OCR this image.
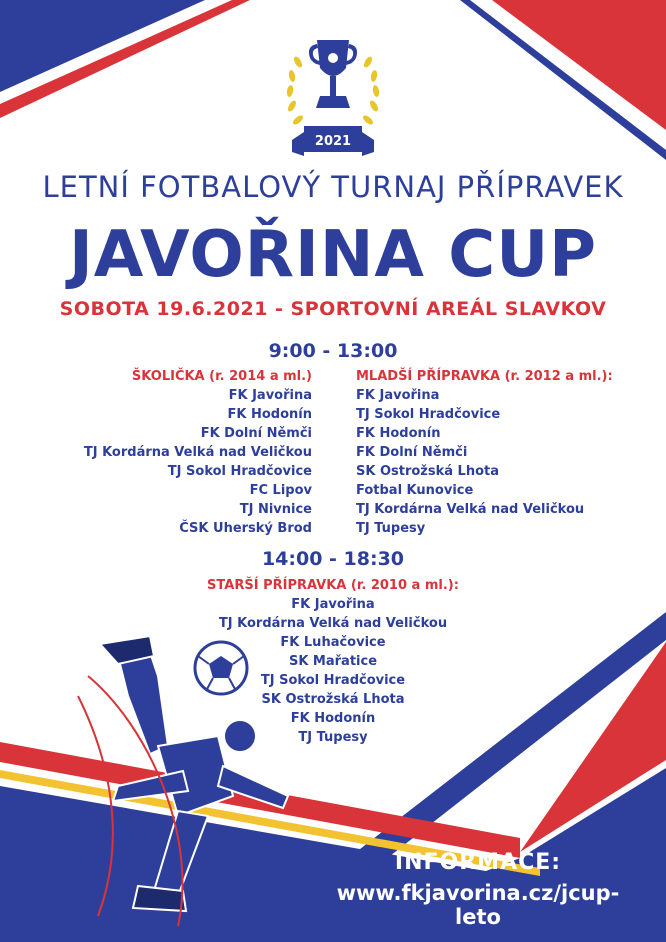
2021
LETNÍ FOTBALOVÝ TURNAJ PŘÍPRAVEK
JAVOŘINA CUP
SOBOTA 19.6.2021 - SPORTOVNÍ AREÁL SLAVKOV
9:00 - 13:00
ŠKOLIČKA (r. 2014 a ml.)
FK Javořina
FK Hodonín
FK Dolní Němči
TJ Kordárna Velká nad Veličkou
TJ Sokol Hradčovice
FC Lipov
TJ Nivnice
ČSK Uherský Brod
MLADŠÍ PŘÍPRAVKA (r. 2012 a ml.):
FK Javořina
TJ Sokol Hradčovice
FK Hodonín
FK Dolní Němči
SK Ostrožská Lhota
Fotbal Kunovice
TJ Kordárna Velká nad Veličkou
TJ Tupesy
14:00 - 18:30
STARŠÍ PŘÍPRAVKA (r. 2010 a ml.):
FK Javořina
TJ Kordárna Velká nad Veličkou
FK Luhačovice
SK Mařatice
TJ Sokol Hradčovice
SK Ostrožská Lhota
FK Hodonín
TJ Tupesy
INFORMACE:
www.fkjavorina.cz/jcup-leto
